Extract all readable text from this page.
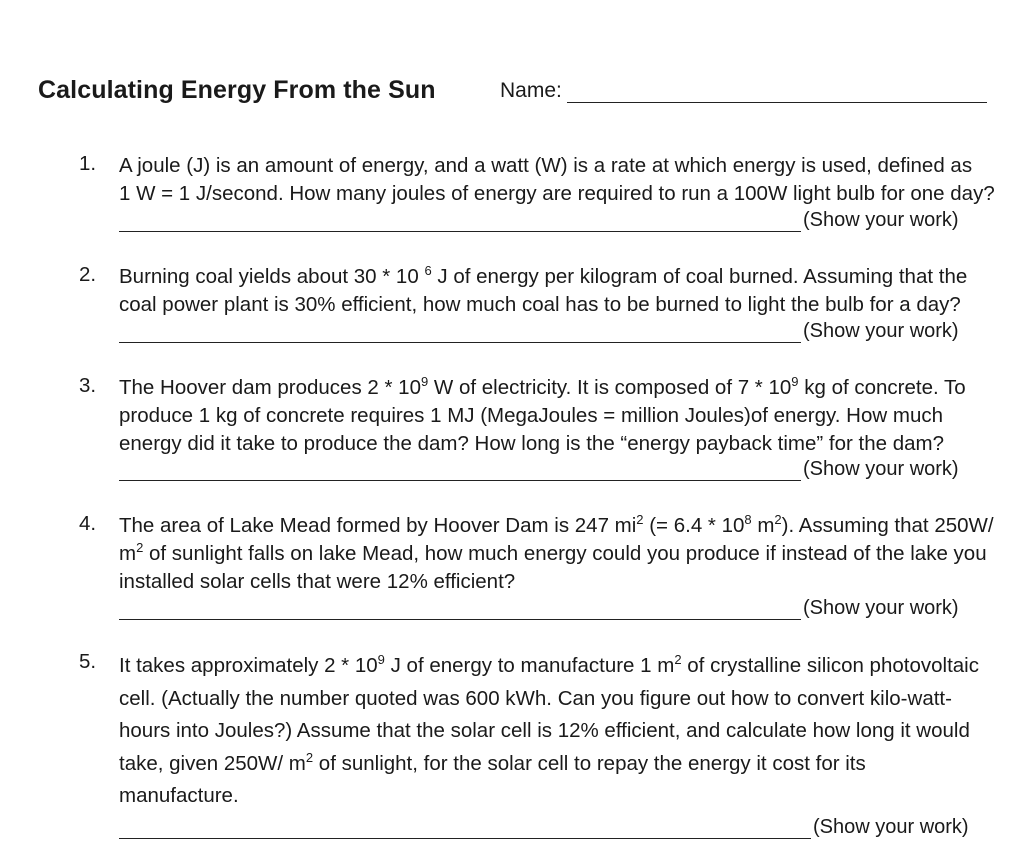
Calculating Energy From the Sun	Name:
1. A joule (J) is an amount of energy, and a watt (W) is a rate at which energy is used, defined as
1 W = 1 J/second. How many joules of energy are required to run a 100W light bulb for one day?
(Show your work)
2. Burning coal yields about 30 * 10 $^6$ J of energy per kilogram of coal burned. Assuming that the
coal power plant is 30% efficient, how much coal has to be burned to light the bulb for a day?
(Show your work)
3. The Hoover dam produces $2 * 10^9$ W of electricity. It is composed of $7 * 10^9$ kg of concrete. To
produce 1 kg of concrete requires 1 MJ (MegaJoules = million Joules)of energy. How much
energy did it take to produce the dam? How long is the “energy payback time” for the dam?
(Show your work)
4. The area of Lake Mead formed by Hoover Dam is 247 $mi^2$ (= $6.4 * 10^8$ $m^2$). Assuming that 250W/
$m^2$ of sunlight falls on lake Mead, how much energy could you produce if instead of the lake you
installed solar cells that were 12% efficient?
(Show your work)
5. It takes approximately $2 * 10^9$ J of energy to manufacture 1 $m^2$ of crystalline silicon photovoltaic
cell. (Actually the number quoted was 600 kWh. Can you figure out how to convert kilo-watt-
hours into Joules?) Assume that the solar cell is 12% efficient, and calculate how long it would
take, given 250W/ $m^2$ of sunlight, for the solar cell to repay the energy it cost for its
manufacture.
(Show your work)
